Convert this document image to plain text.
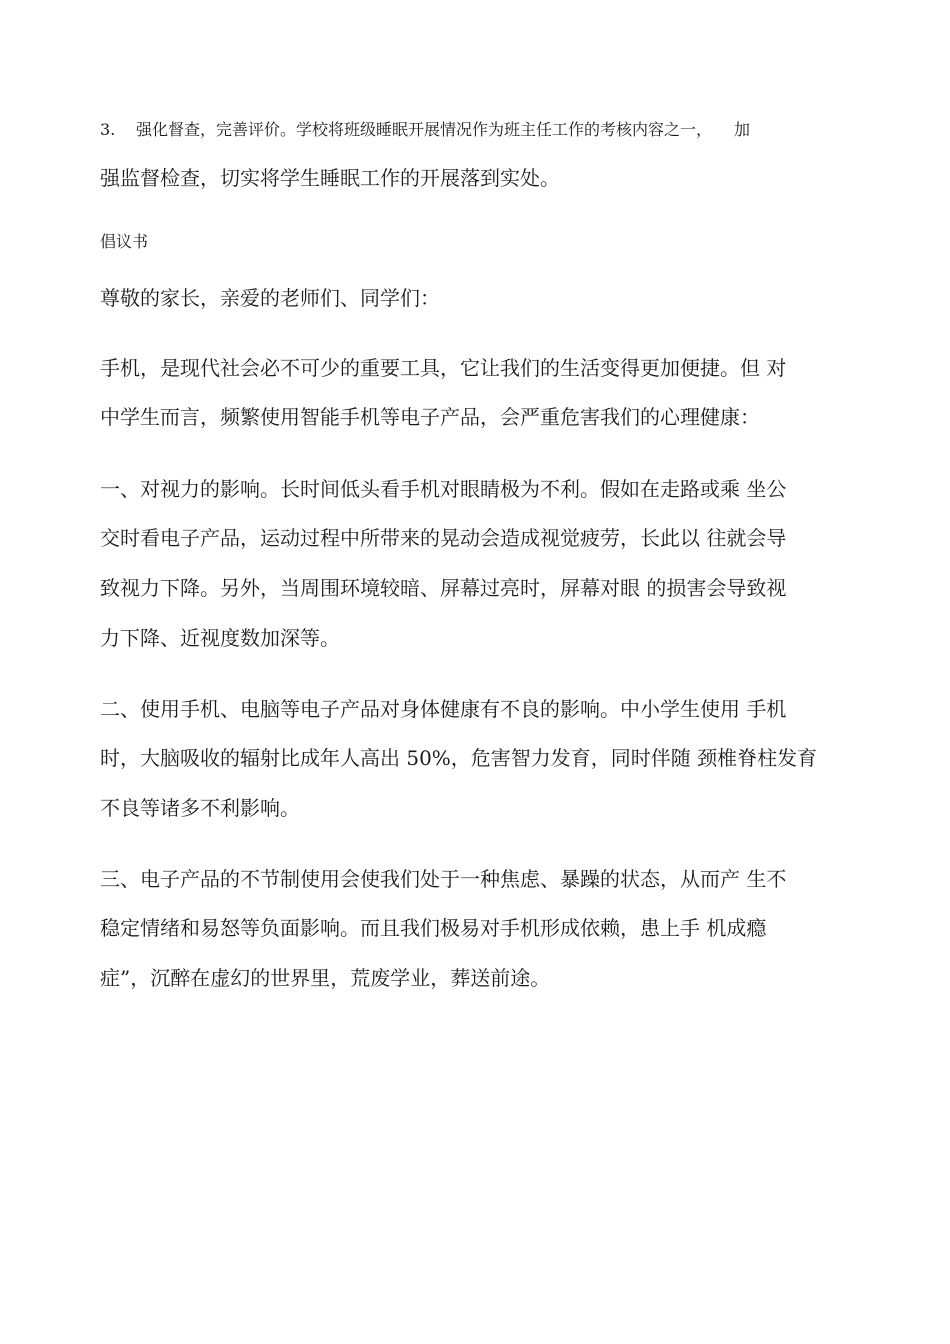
3. 强化督查，完善评价。学校将班级睡眠开展情况作为班主任工作的考核内容之一， 加
强监督检查，切实将学生睡眠工作的开展落到实处。
倡议书
尊敬的家长，亲爱的老师们、同学们：
手机，是现代社会必不可少的重要工具，它让我们的生活变得更加便捷。但 对
中学生而言，频繁使用智能手机等电子产品，会严重危害我们的心理健康：
一、对视力的影响。长时间低头看手机对眼睛极为不利。假如在走路或乘 坐公
交时看电子产品，运动过程中所带来的晃动会造成视觉疲劳，长此以 往就会导
致视力下降。另外，当周围环境较暗、屏幕过亮时，屏幕对眼 的损害会导致视
力下降、近视度数加深等。
二、使用手机、电脑等电子产品对身体健康有不良的影响。中小学生使用 手机
时，大脑吸收的辐射比成年人高出 50%，危害智力发育，同时伴随 颈椎脊柱发育
不良等诸多不利影响。
三、电子产品的不节制使用会使我们处于一种焦虑、暴躁的状态，从而产 生不
稳定情绪和易怒等负面影响。而且我们极易对手机形成依赖，患上手 机成瘾
症”，沉醉在虚幻的世界里，荒废学业，葬送前途。
